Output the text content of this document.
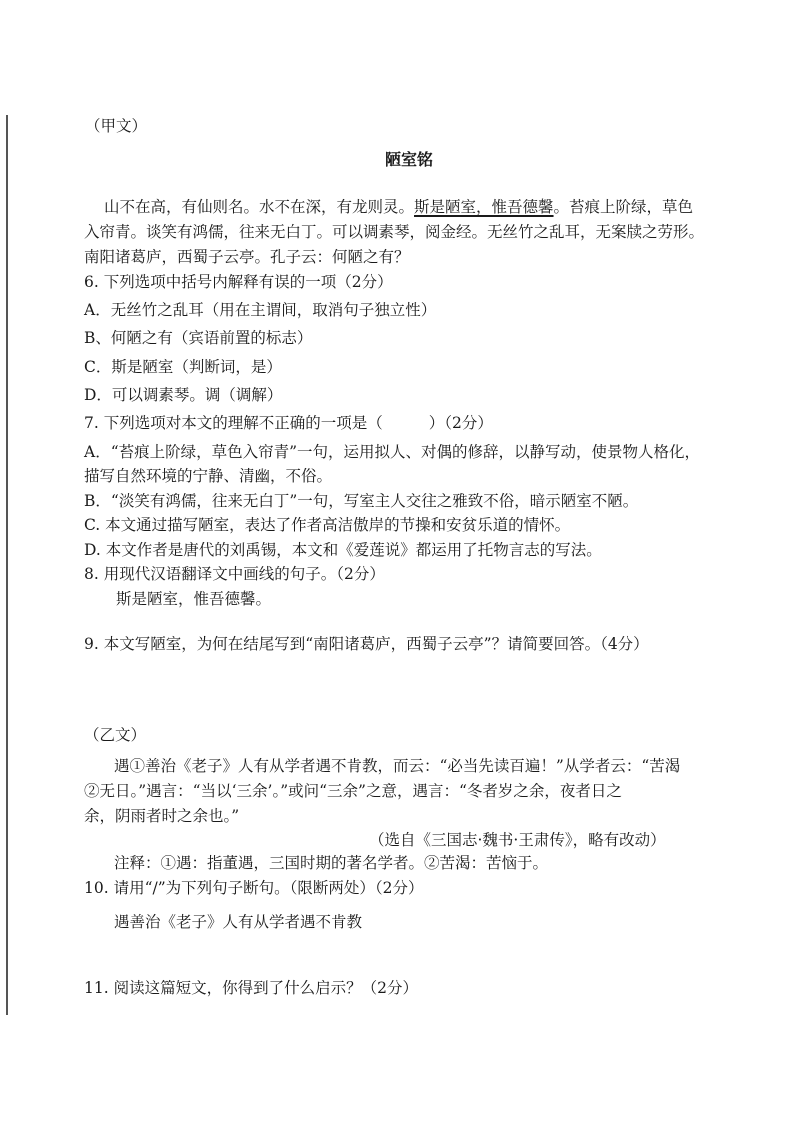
（甲文）
陋室铭
山不在高，有仙则名。水不在深，有龙则灵。斯是陋室，惟吾德馨。苔痕上阶绿，草色
入帘青。谈笑有鸿儒，往来无白丁。可以调素琴，阅金经。无丝竹之乱耳，无案牍之劳形。
南阳诸葛庐，西蜀子云亭。孔子云：何陋之有？
6. 下列选项中括号内解释有误的一项（2分）
A．无丝竹之乱耳（用在主谓间，取消句子独立性）
B、何陋之有（宾语前置的标志）
C．斯是陋室（判断词，是）
D．可以调素琴。调（调解）
7. 下列选项对本文的理解不正确的一项是（	）（2分）
A．“苔痕上阶绿，草色入帘青”一句，运用拟人、对偶的修辞，以静写动，使景物人格化，
描写自然环境的宁静、清幽，不俗。
B．“淡笑有鸿儒，往来无白丁”一句，写室主人交往之雅致不俗，暗示陋室不陋。
C. 本文通过描写陋室，表达了作者高洁傲岸的节操和安贫乐道的情怀。
D. 本文作者是唐代的刘禹锡，本文和《爱莲说》都运用了托物言志的写法。
8. 用现代汉语翻译文中画线的句子。（2分）
斯是陋室，惟吾德馨。
9. 本文写陋室，为何在结尾写到“南阳诸葛庐，西蜀子云亭”？请简要回答。（4分）
（乙文）
遇①善治《老子》人有从学者遇不肯教，而云：“必当先读百遍！”从学者云：“苦渴
②无日。”遇言：“当以‘三余’。”或问“三余”之意，遇言：“冬者岁之余，夜者日之
余，阴雨者时之余也。”
（选自《三国志·魏书·王肃传》，略有改动）
注释：①遇：指董遇，三国时期的著名学者。②苦渴：苦恼于。
10. 请用“/”为下列句子断句。（限断两处）（2分）
遇善治《老子》人有从学者遇不肯教
11. 阅读这篇短文，你得到了什么启示？（2分）
